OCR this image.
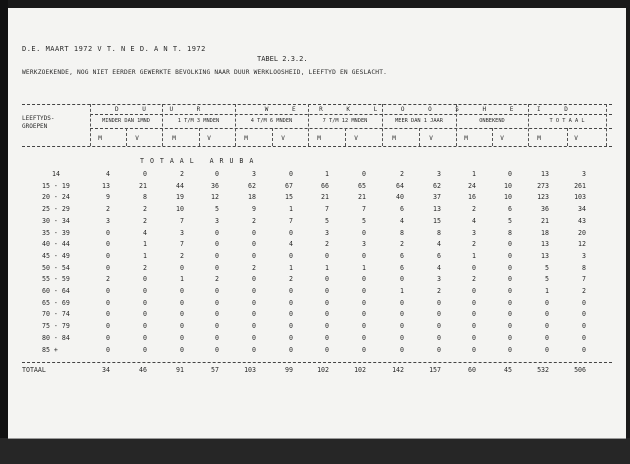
D.E. MAART 1972 V T. N E D. A N T. 1972
TABEL 2.3.2.
WERKZOEKENDE, NOG NIET EERDER GEWERKTE BEVOLKING NAAR DUUR WERKLOOSHEID, LEEFTYD EN GESLACHT.
LEEFTYDS-
GROEPEN
D U U R    W E R K L O O S H E I D
MINDER DAN 1MND	1 T/M 3 MNDEN	4 T/M 6 MNDEN	7 T/M 12 MNDEN	MEER DAN 1 JAAR	ONBEKEND	T O T A A L
M	V	M	V	M	V	M	V	M	V	M	V	M	V
T O T A A L   A R U B A
14	4	0	2	0	3	0	1	0	2	3	1	0	13	3
15 - 19	13	21	44	36	62	67	66	65	64	62	24	10	273	261
20 - 24	9	8	19	12	18	15	21	21	40	37	16	10	123	103
25 - 29	2	2	10	5	9	1	7	7	6	13	2	6	36	34
30 - 34	3	2	7	3	2	7	5	5	4	15	4	5	21	43
35 - 39	0	4	3	0	0	0	3	0	8	8	3	8	18	20
40 - 44	0	1	7	0	0	4	2	3	2	4	2	0	13	12
45 - 49	0	1	2	0	0	0	0	0	6	6	1	0	13	3
50 - 54	0	2	0	0	2	1	1	1	6	4	0	0	5	8
55 - 59	2	0	1	2	0	2	0	0	0	3	2	0	5	7
60 - 64	0	0	0	0	0	0	0	0	1	2	0	0	1	2
65 - 69	0	0	0	0	0	0	0	0	0	0	0	0	0	0
70 - 74	0	0	0	0	0	0	0	0	0	0	0	0	0	0
75 - 79	0	0	0	0	0	0	0	0	0	0	0	0	0	0
80 - 84	0	0	0	0	0	0	0	0	0	0	0	0	0	0
85 +	0	0	0	0	0	0	0	0	0	0	0	0	0	0
TOTAAL	34	46	91	57	103	99	102	102	142	157	60	45	532	506
